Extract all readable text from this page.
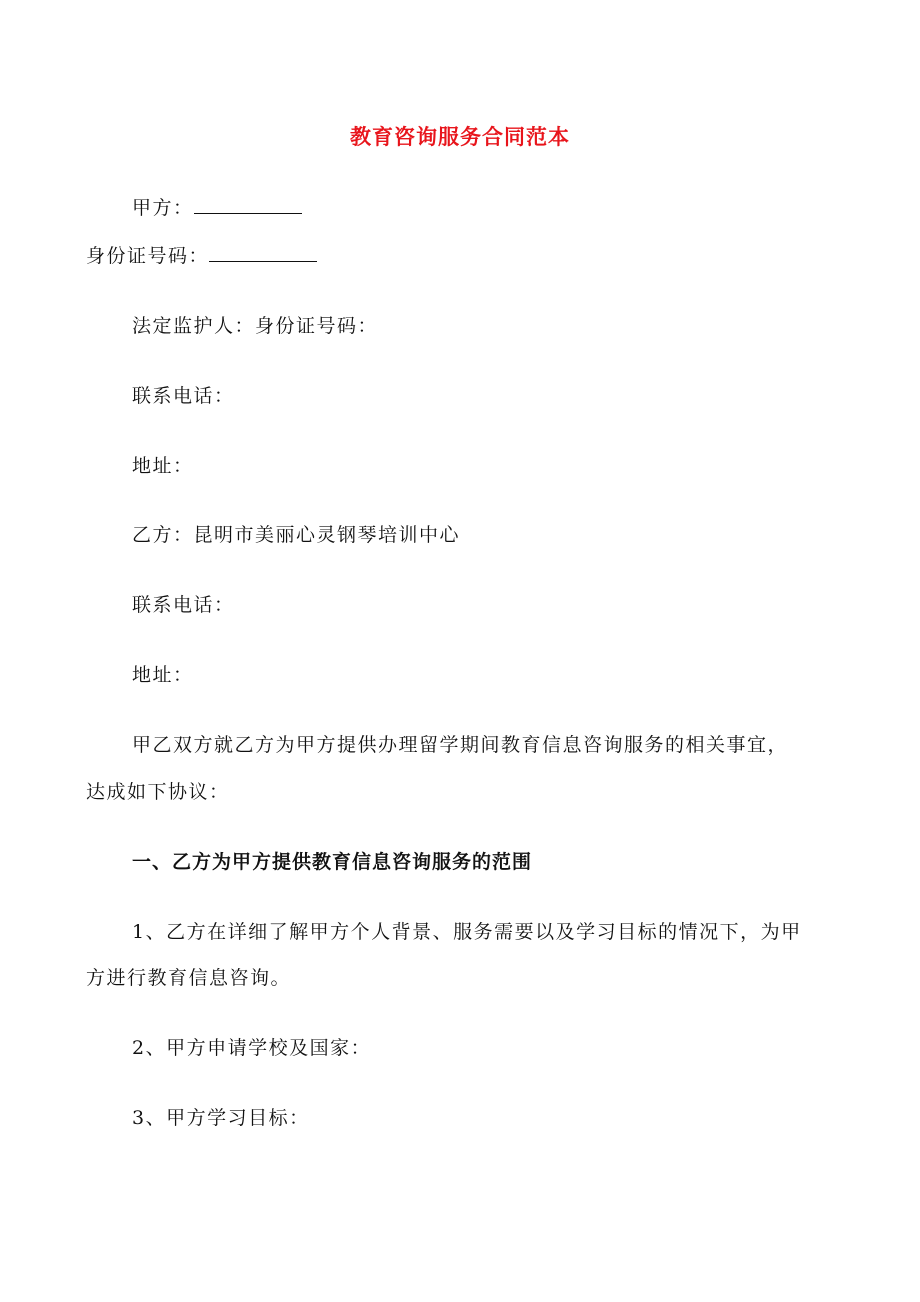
教育咨询服务合同范本
甲方：
身份证号码：
法定监护人：身份证号码：
联系电话：
地址：
乙方：昆明市美丽心灵钢琴培训中心
联系电话：
地址：
甲乙双方就乙方为甲方提供办理留学期间教育信息咨询服务的相关事宜，
达成如下协议：
一、乙方为甲方提供教育信息咨询服务的范围
1、乙方在详细了解甲方个人背景、服务需要以及学习目标的情况下，为甲
方进行教育信息咨询。
2、甲方申请学校及国家：
3、甲方学习目标：
